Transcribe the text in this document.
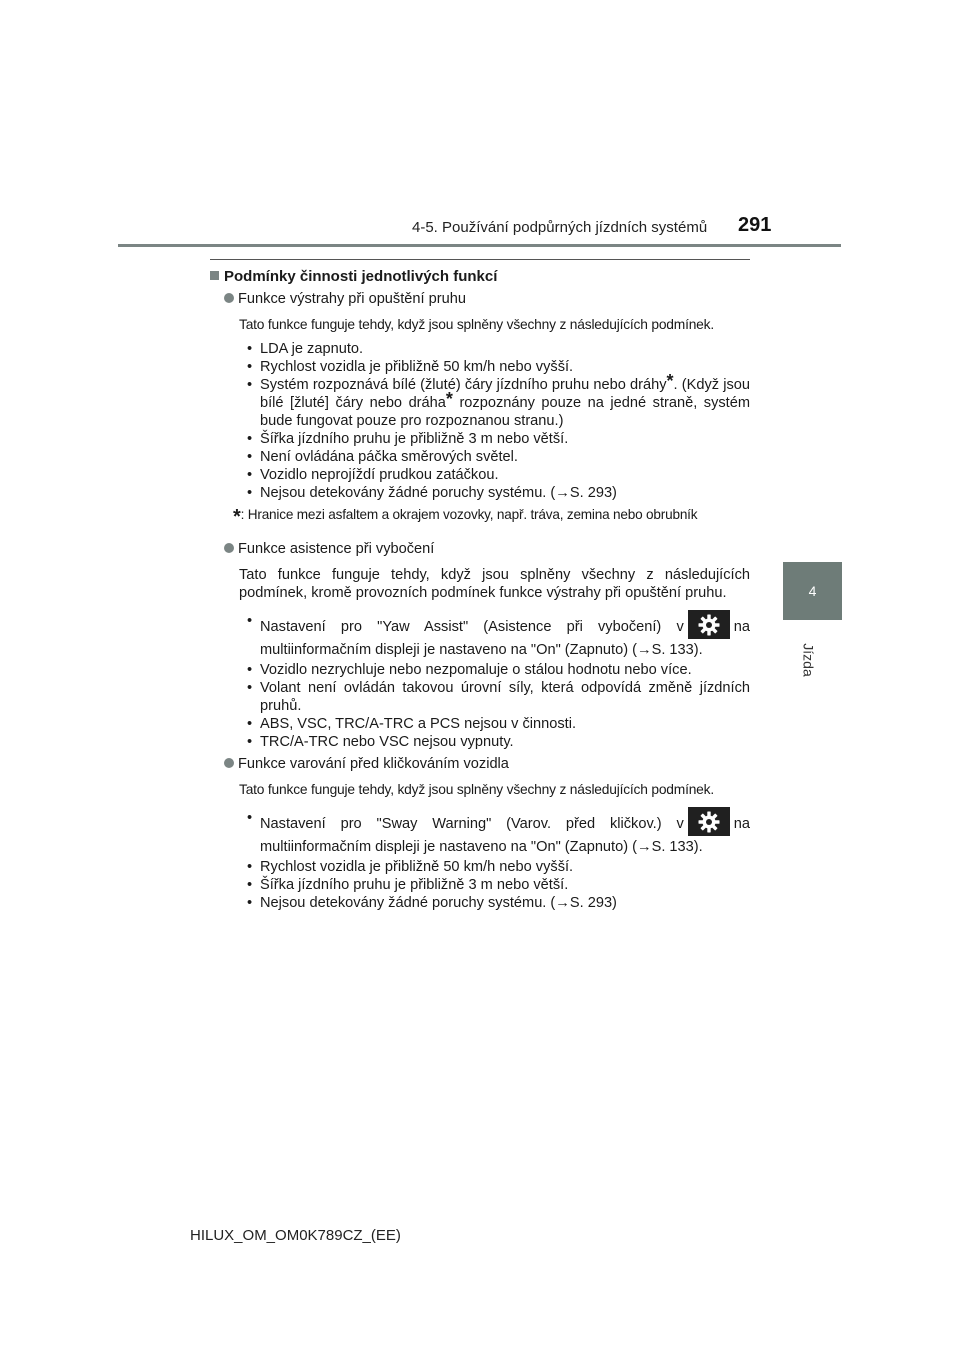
4-5. Používání podpůrných jízdních systémů 291
4
Jízda
Podmínky činnosti jednotlivých funkcí
Funkce výstrahy při opuštění pruhu
Tato funkce funguje tehdy, když jsou splněny všechny z následujících podmínek.
• LDA je zapnuto.
• Rychlost vozidla je přibližně 50 km/h nebo vyšší.
• Systém rozpoznává bílé (žluté) čáry jízdního pruhu nebo dráhy*. (Když jsou bílé [žluté] čáry nebo dráha* rozpoznány pouze na jedné straně, systém bude fungovat pouze pro rozpoznanou stranu.)
• Šířka jízdního pruhu je přibližně 3 m nebo větší.
• Není ovládána páčka směrových světel.
• Vozidlo neprojíždí prudkou zatáčkou.
• Nejsou detekovány žádné poruchy systému. (→S. 293)
*: Hranice mezi asfaltem a okrajem vozovky, např. tráva, zemina nebo obrubník
Funkce asistence při vybočení
Tato funkce funguje tehdy, když jsou splněny všechny z následujících podmínek, kromě provozních podmínek funkce výstrahy při opuštění pruhu.
• Nastavení pro "Yaw Assist" (Asistence při vybočení) v	na multiinformačním displeji je nastaveno na "On" (Zapnuto) (→S. 133).
• Vozidlo nezrychluje nebo nezpomaluje o stálou hodnotu nebo více.
• Volant není ovládán takovou úrovní síly, která odpovídá změně jízdních pruhů.
• ABS, VSC, TRC/A-TRC a PCS nejsou v činnosti.
• TRC/A-TRC nebo VSC nejsou vypnuty.
Funkce varování před kličkováním vozidla
Tato funkce funguje tehdy, když jsou splněny všechny z následujících podmínek.
• Nastavení pro "Sway Warning" (Varov. před kličkov.) v	na multiinformačním displeji je nastaveno na "On" (Zapnuto) (→S. 133).
• Rychlost vozidla je přibližně 50 km/h nebo vyšší.
• Šířka jízdního pruhu je přibližně 3 m nebo větší.
• Nejsou detekovány žádné poruchy systému. (→S. 293)
HILUX_OM_OM0K789CZ_(EE)
